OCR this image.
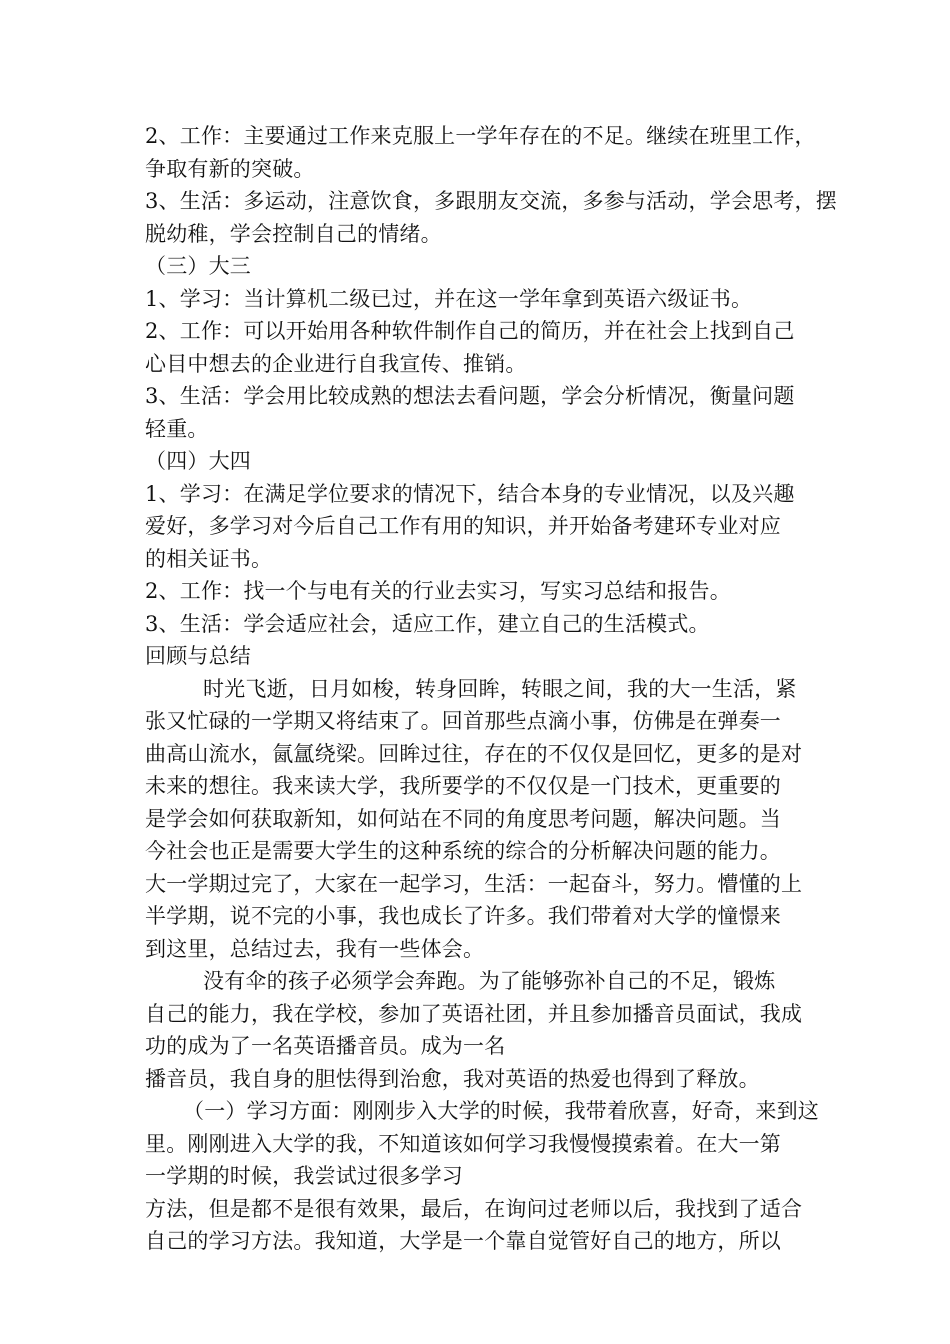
2、工作：主要通过工作来克服上一学年存在的不足。继续在班里工作，
争取有新的突破。
3、生活：多运动，注意饮食，多跟朋友交流，多参与活动，学会思考，摆
脱幼稚，学会控制自己的情绪。
（三）大三
1、学习：当计算机二级已过，并在这一学年拿到英语六级证书。
2、工作：可以开始用各种软件制作自己的简历，并在社会上找到自己
心目中想去的企业进行自我宣传、推销。
3、生活：学会用比较成熟的想法去看问题，学会分析情况，衡量问题
轻重。
（四）大四
1、学习：在满足学位要求的情况下，结合本身的专业情况，以及兴趣
爱好，多学习对今后自己工作有用的知识，并开始备考建环专业对应
的相关证书。
2、工作：找一个与电有关的行业去实习，写实习总结和报告。
3、生活：学会适应社会，适应工作，建立自己的生活模式。
回顾与总结
时光飞逝，日月如梭，转身回眸，转眼之间，我的大一生活，紧
张又忙碌的一学期又将结束了。回首那些点滴小事，仿佛是在弹奏一
曲高山流水，氤氲绕梁。回眸过往，存在的不仅仅是回忆，更多的是对
未来的想往。我来读大学，我所要学的不仅仅是一门技术，更重要的
是学会如何获取新知，如何站在不同的角度思考问题，解决问题。当
今社会也正是需要大学生的这种系统的综合的分析解决问题的能力。
大一学期过完了，大家在一起学习，生活：一起奋斗，努力。懵懂的上
半学期，说不完的小事，我也成长了许多。我们带着对大学的憧憬来
到这里，总结过去，我有一些体会。
没有伞的孩子必须学会奔跑。为了能够弥补自己的不足，锻炼
自己的能力，我在学校，参加了英语社团，并且参加播音员面试，我成
功的成为了一名英语播音员。成为一名
播音员，我自身的胆怯得到治愈，我对英语的热爱也得到了释放。
（一）学习方面：刚刚步入大学的时候，我带着欣喜，好奇，来到这
里。刚刚进入大学的我，不知道该如何学习我慢慢摸索着。在大一第
一学期的时候，我尝试过很多学习
方法，但是都不是很有效果，最后，在询问过老师以后，我找到了适合
自己的学习方法。我知道，大学是一个靠自觉管好自己的地方，所以
